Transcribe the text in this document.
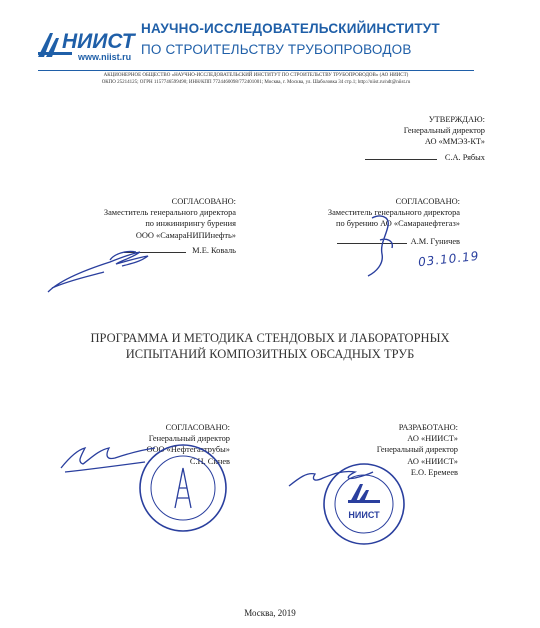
НИИСТ
www.niist.ru
НАУЧНО-ИССЛЕДОВАТЕЛЬСКИЙИНСТИТУТ
ПО СТРОИТЕЛЬСТВУ ТРУБОПРОВОДОВ
АКЦИОНЕРНОЕ ОБЩЕСТВО «НАУЧНО-ИССЛЕДОВАТЕЛЬСКИЙ ИНСТИТУТ ПО СТРОИТЕЛЬСТВУ ТРУБОПРОВОДОВ» (АО НИИСТ)
ОКПО 25214125; ОГРН 1157746599490; ИНН/КПП 7724460098/772401001; Москва, г. Москва, ул. Шаболовка 34 стр.1; http://niist.ru/ndt@niist.ru
УТВЕРЖДАЮ:
Генеральный директор
АО «ММЭЗ-КТ»
С.А. Рябых
СОГЛАСОВАНО:
Заместитель генерального директора
по инжинирингу бурения
ООО «СамараНИПИнефть»
М.Е. Коваль
СОГЛАСОВАНО:
Заместитель генерального директора
по бурению АО «Самаранефтегаз»
А.М. Гуничев
03.10.19
ПРОГРАММА И МЕТОДИКА СТЕНДОВЫХ И ЛАБОРАТОРНЫХ
ИСПЫТАНИЙ КОМПОЗИТНЫХ ОБСАДНЫХ ТРУБ
СОГЛАСОВАНО:
Генеральный директор
ООО «Нефтегазтрубы»
С.Н. Синев
РАЗРАБОТАНО:
АО «НИИСТ»
Генеральный директор
АО «НИИСТ»
Е.О. Еремеев
НИИСТ
Москва, 2019
